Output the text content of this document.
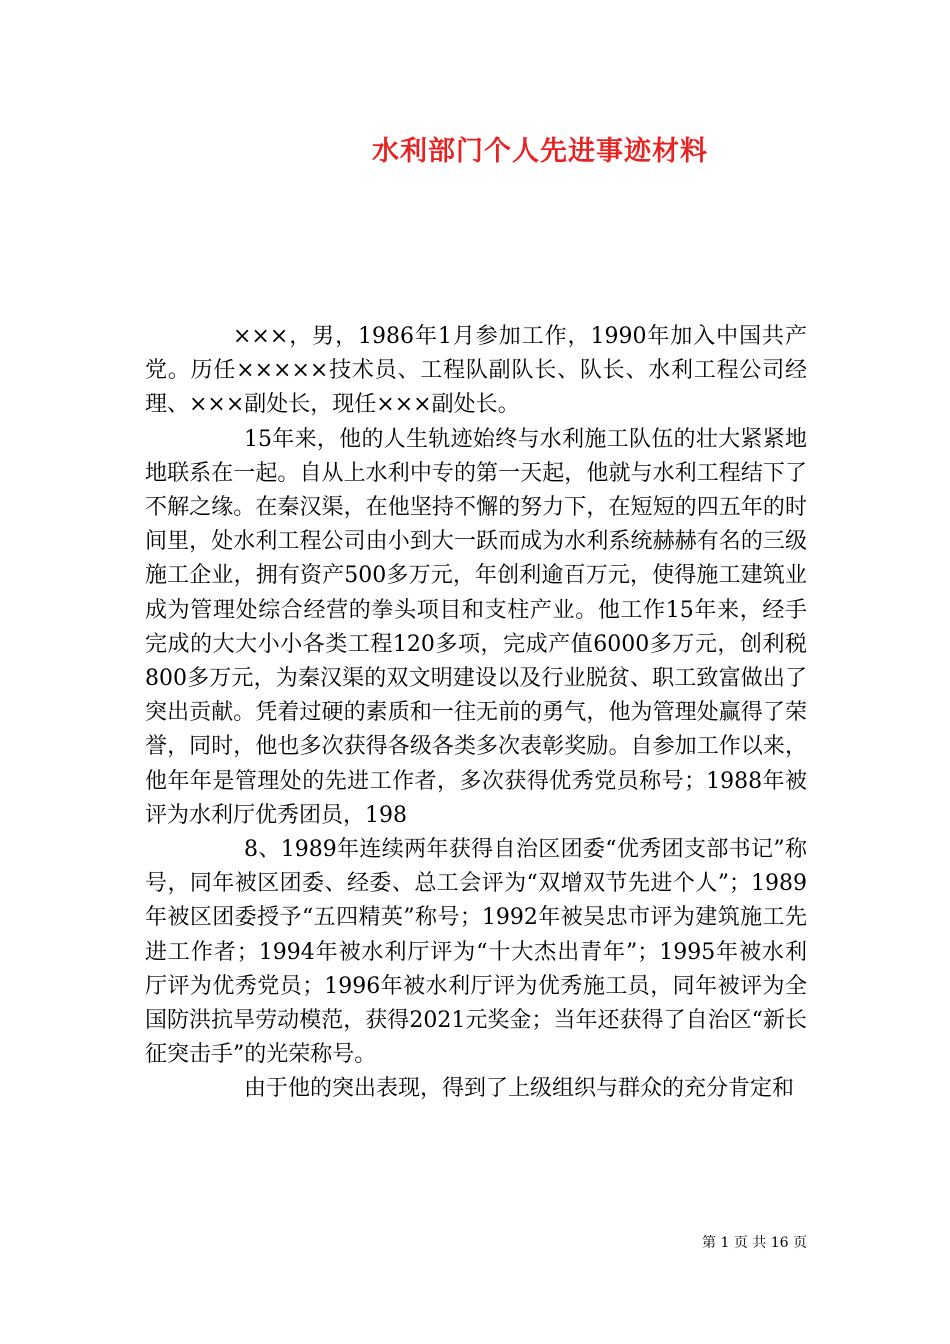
水利部门个人先进事迹材料

×××，男，1986年1月参加工作，1990年加入中国共产党。历任×××××技术员、工程队副队长、队长、水利工程公司经理、×××副处长，现任×××副处长。

15年来，他的人生轨迹始终与水利施工队伍的壮大紧紧地地联系在一起。自从上水利中专的第一天起，他就与水利工程结下了不解之缘。在秦汉渠，在他坚持不懈的努力下，在短短的四五年的时间里，处水利工程公司由小到大一跃而成为水利系统赫赫有名的三级施工企业，拥有资产500多万元，年创利逾百万元，使得施工建筑业成为管理处综合经营的拳头项目和支柱产业。他工作15年来，经手完成的大大小小各类工程120多项，完成产值6000多万元，创利税800多万元，为秦汉渠的双文明建设以及行业脱贫、职工致富做出了突出贡献。凭着过硬的素质和一往无前的勇气，他为管理处赢得了荣誉，同时，他也多次获得各级各类多次表彰奖励。自参加工作以来，他年年是管理处的先进工作者，多次获得优秀党员称号；1988年被评为水利厅优秀团员，198

8、1989年连续两年获得自治区团委“优秀团支部书记”称号，同年被区团委、经委、总工会评为“双增双节先进个人”；1989年被区团委授予“五四精英”称号；1992年被吴忠市评为建筑施工先进工作者；1994年被水利厅评为“十大杰出青年”；1995年被水利厅评为优秀党员；1996年被水利厅评为优秀施工员，同年被评为全国防洪抗旱劳动模范，获得2021元奖金；当年还获得了自治区“新长征突击手”的光荣称号。

由于他的突出表现，得到了上级组织与群众的充分肯定和

第 1 页 共 16 页
